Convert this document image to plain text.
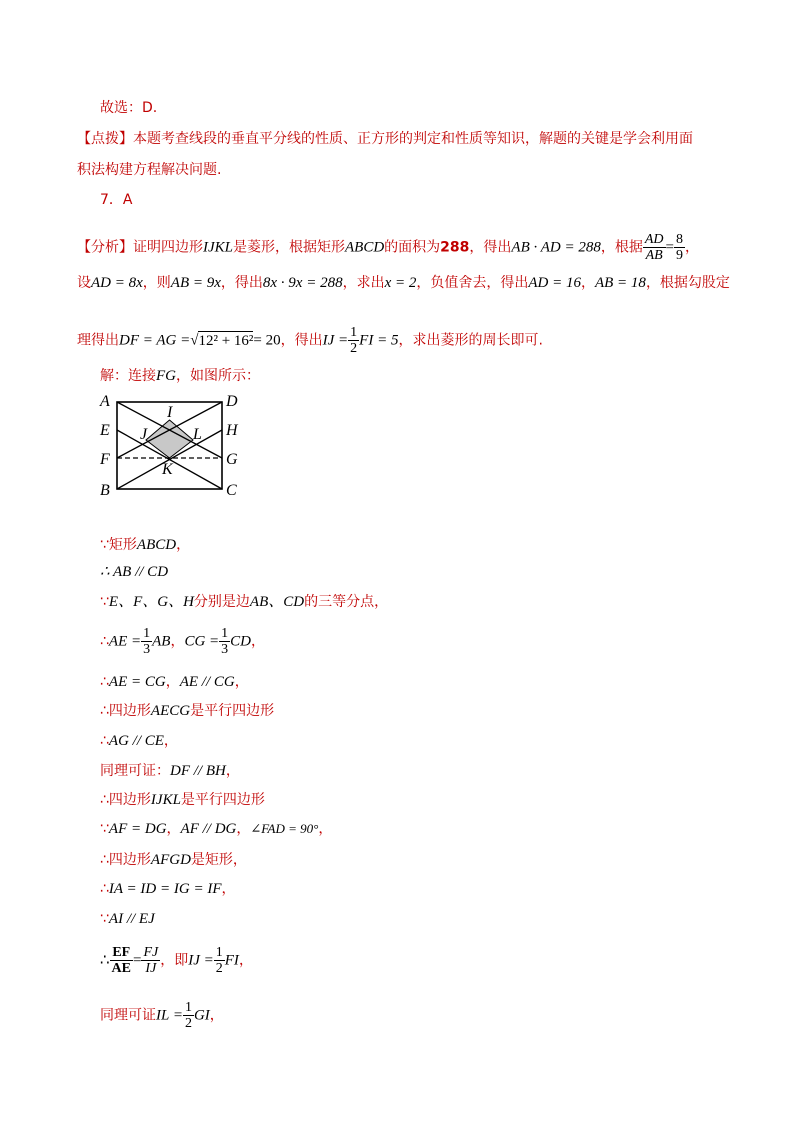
故选：D.
【点拨】本题考查线段的垂直平分线的性质、正方形的判定和性质等知识，解题的关键是学会利用面
积法构建方程解决问题.
7．A
【分析】证明四边形IJKL是菱形，根据矩形ABCD的面积为288，得出AB · AD = 288，根据 $\frac{AD}{AB} = \frac{8}{9}$ ，
设AD = 8x，则AB = 9x，得出8x · 9x = 288，求出x = 2，负值舍去，得出AD = 16，AB = 18，根据勾股定
理得出DF = AG =√12² + 16²= 20，得出IJ = $\frac{1}{2}$ FI = 5，求出菱形的周长即可.
解：连接FG，如图所示：
A	D
E	H
F	G
B	C
I
J	L
K
∵矩形ABCD，
∴ AB // CD
∵E、F、G、H分别是边AB、CD的三等分点，
∴AE = $\frac{1}{3}$ AB，CG = $\frac{1}{3}$ CD，
∴AE = CG，AE // CG，
∴四边形AECG是平行四边形
∴AG // CE，
同理可证：DF // BH，
∴四边形IJKL是平行四边形
∵AF = DG，AF // DG，∠FAD = 90°，
∴四边形AFGD是矩形，
∴IA = ID = IG = IF，
∵AI // EJ
∴ $\frac{EF}{AE} = \frac{FJ}{IJ}$ ，即IJ = $\frac{1}{2}$ FI，
同理可证IL = $\frac{1}{2}$ GI，
